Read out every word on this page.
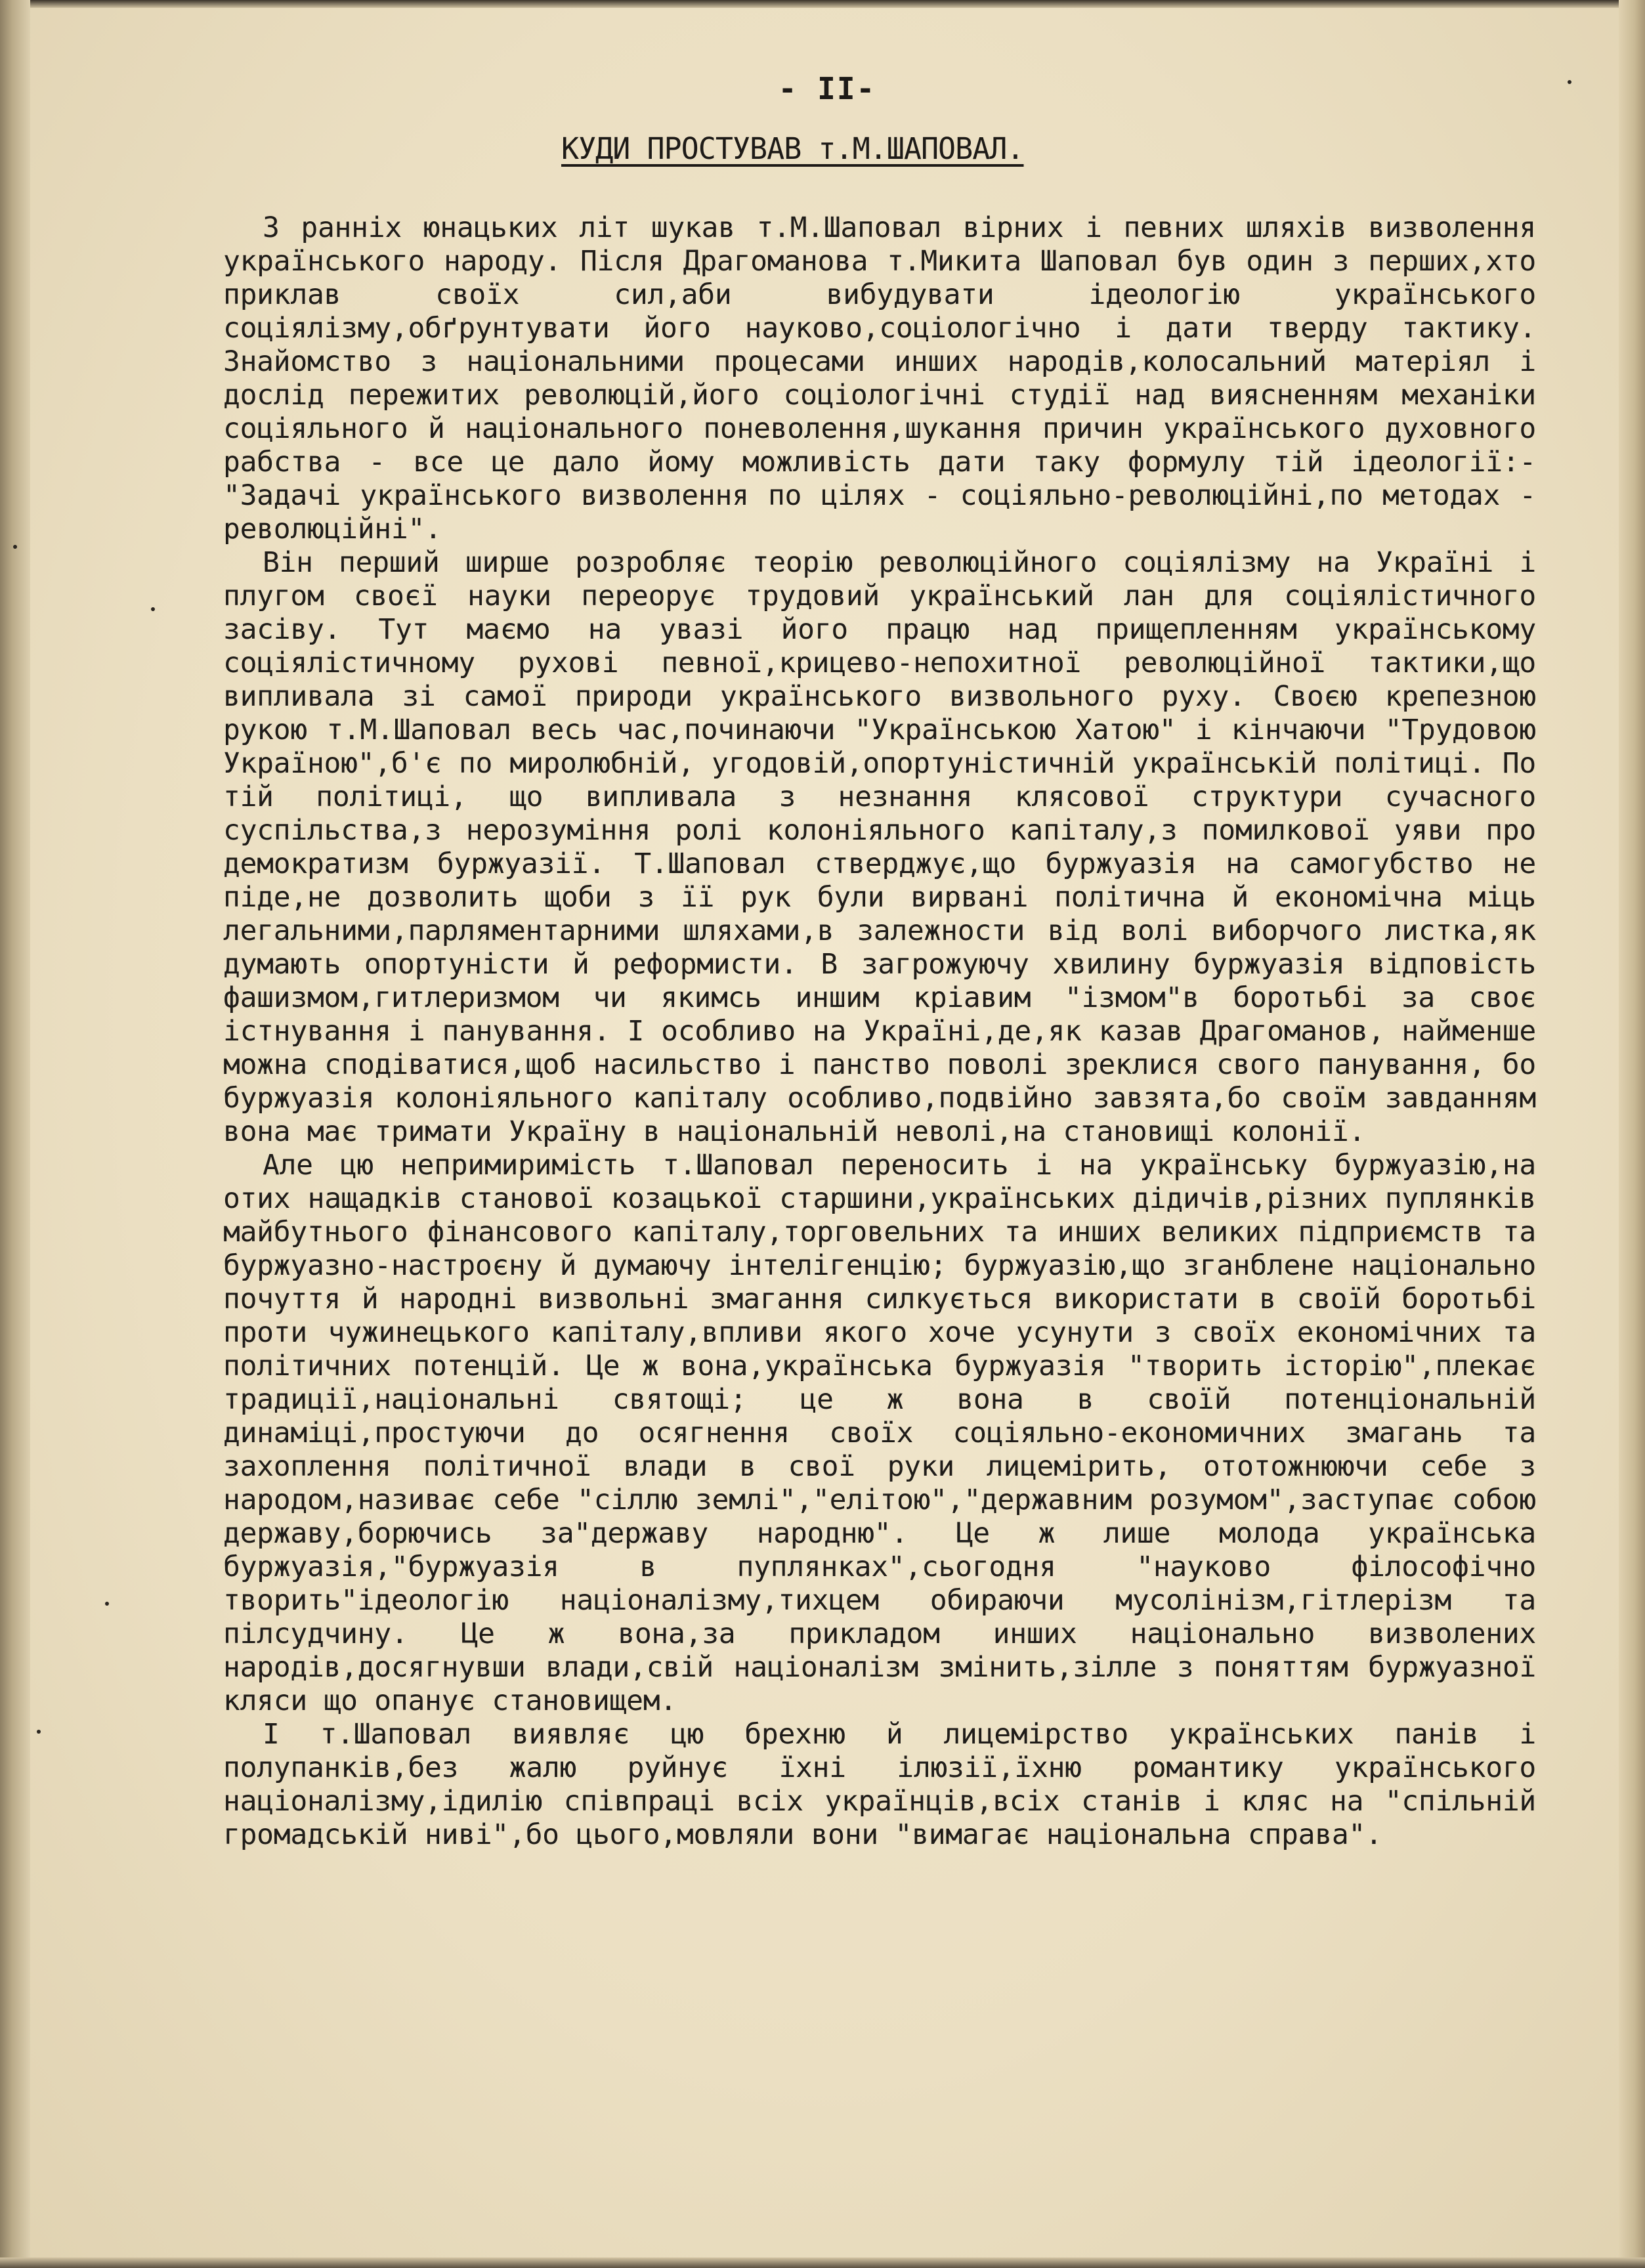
- II-
КУДИ ПРОСТУВАВ т.М.ШАПОВАЛ.

З ранніх юнацьких літ шукав т.М.Шаповал вірних і певних шляхів визволення українського народу. Після Драгоманова т.Микита Шаповал був один з перших,хто приклав своїх сил,аби вибудувати ідеологію українського соціялізму,обґрунтувати його науково,соціологічно і дати тверду тактику. Знайомство з національними процесами инших народів,колосальний матеріял і дослід пережитих революцій,його соціологічні студії над виясненням механіки соціяльного й національного поневолення,шукання причин українського духовного рабства - все це дало йому можливість дати таку формулу тій ідеології:- "Задачі українського визволення по цілях - соціяльно-революційні,по методах - революційні".

Він перший ширше розробляє теорію революційного соціялізму на Україні і плугом своєї науки переорує трудовий український лан для соціялістичного засіву. Тут маємо на увазі його працю над прищепленням українському соціялістичному рухові певної,крицево-непохитної революційної тактики,що випливала зі самої природи українського визвольного руху. Своєю крепезною рукою т.М.Шаповал весь час,починаючи "Українською Хатою" і кінчаючи "Трудовою Україною",б'є по миролюбній, угодовій,опортуністичній українській політиці. По тій політиці, що випливала з незнання клясової структури сучасного суспільства,з нерозуміння ролі колоніяльного капіталу,з помилкової уяви про демократизм буржуазії. Т.Шаповал стверджує,що буржуазія на самогубство не піде,не дозволить щоби з її рук були вирвані політична й економічна міць легальними,парляментарними шляхами,в залежности від волі виборчого листка,як думають опортуністи й реформисти. В загрожуючу хвилину буржуазія відповість фашизмом,гитлеризмом чи якимсь иншим кріавим "ізмом"в боротьбі за своє істнування і панування. І особливо на Україні,де,як казав Драгоманов, найменше можна сподіватися,щоб насильство і панство поволі зреклися свого панування, бо буржуазія колоніяльного капіталу особливо,подвійно завзята,бо своїм завданням вона має тримати Україну в національній неволі,на становищі колонії.

Але цю непримиримість т.Шаповал переносить і на українську буржуазію,на отих нащадків станової козацької старшини,українських дідичів,різних пуплянків майбутнього фінансового капіталу,торговельних та инших великих підприємств та буржуазно-настроєну й думаючу інтелігенцію; буржуазію,що зганблене національно почуття й народні визвольні змагання силкується використати в своїй боротьбі проти чужинецького капіталу,впливи якого хоче усунути з своїх економічних та політичних потенцій. Це ж вона,українська буржуазія "творить історію",плекає традиції,національні святощі; це ж вона в своїй потенціональній динаміці,простуючи до осягнення своїх соціяльно-економичних змагань та захоплення політичної влади в свої руки лицемірить, ототожнюючи себе з народом,називає себе "сіллю землі","елітою","державним розумом",заступає собою державу,борючись за"державу народню". Це ж лише молода українська буржуазія,"буржуазія в пуплянках",сьогодня "науково філософічно творить"ідеологію націоналізму,тихцем обираючи мусолінізм,гітлерізм та пілсудчину. Це ж вона,за прикладом инших національно визволених народів,досягнувши влади,свій націоналізм змінить,зілле з поняттям буржуазної кляси що опанує становищем.

І т.Шаповал виявляє цю брехню й лицемірство українських панів і полупанків,без жалю руйнує їхні ілюзії,їхню романтику українського націоналізму,ідилію співпраці всіх українців,всіх станів і кляс на "спільній громадській ниві",бо цього,мовляли вони "вимагає національна справа".
